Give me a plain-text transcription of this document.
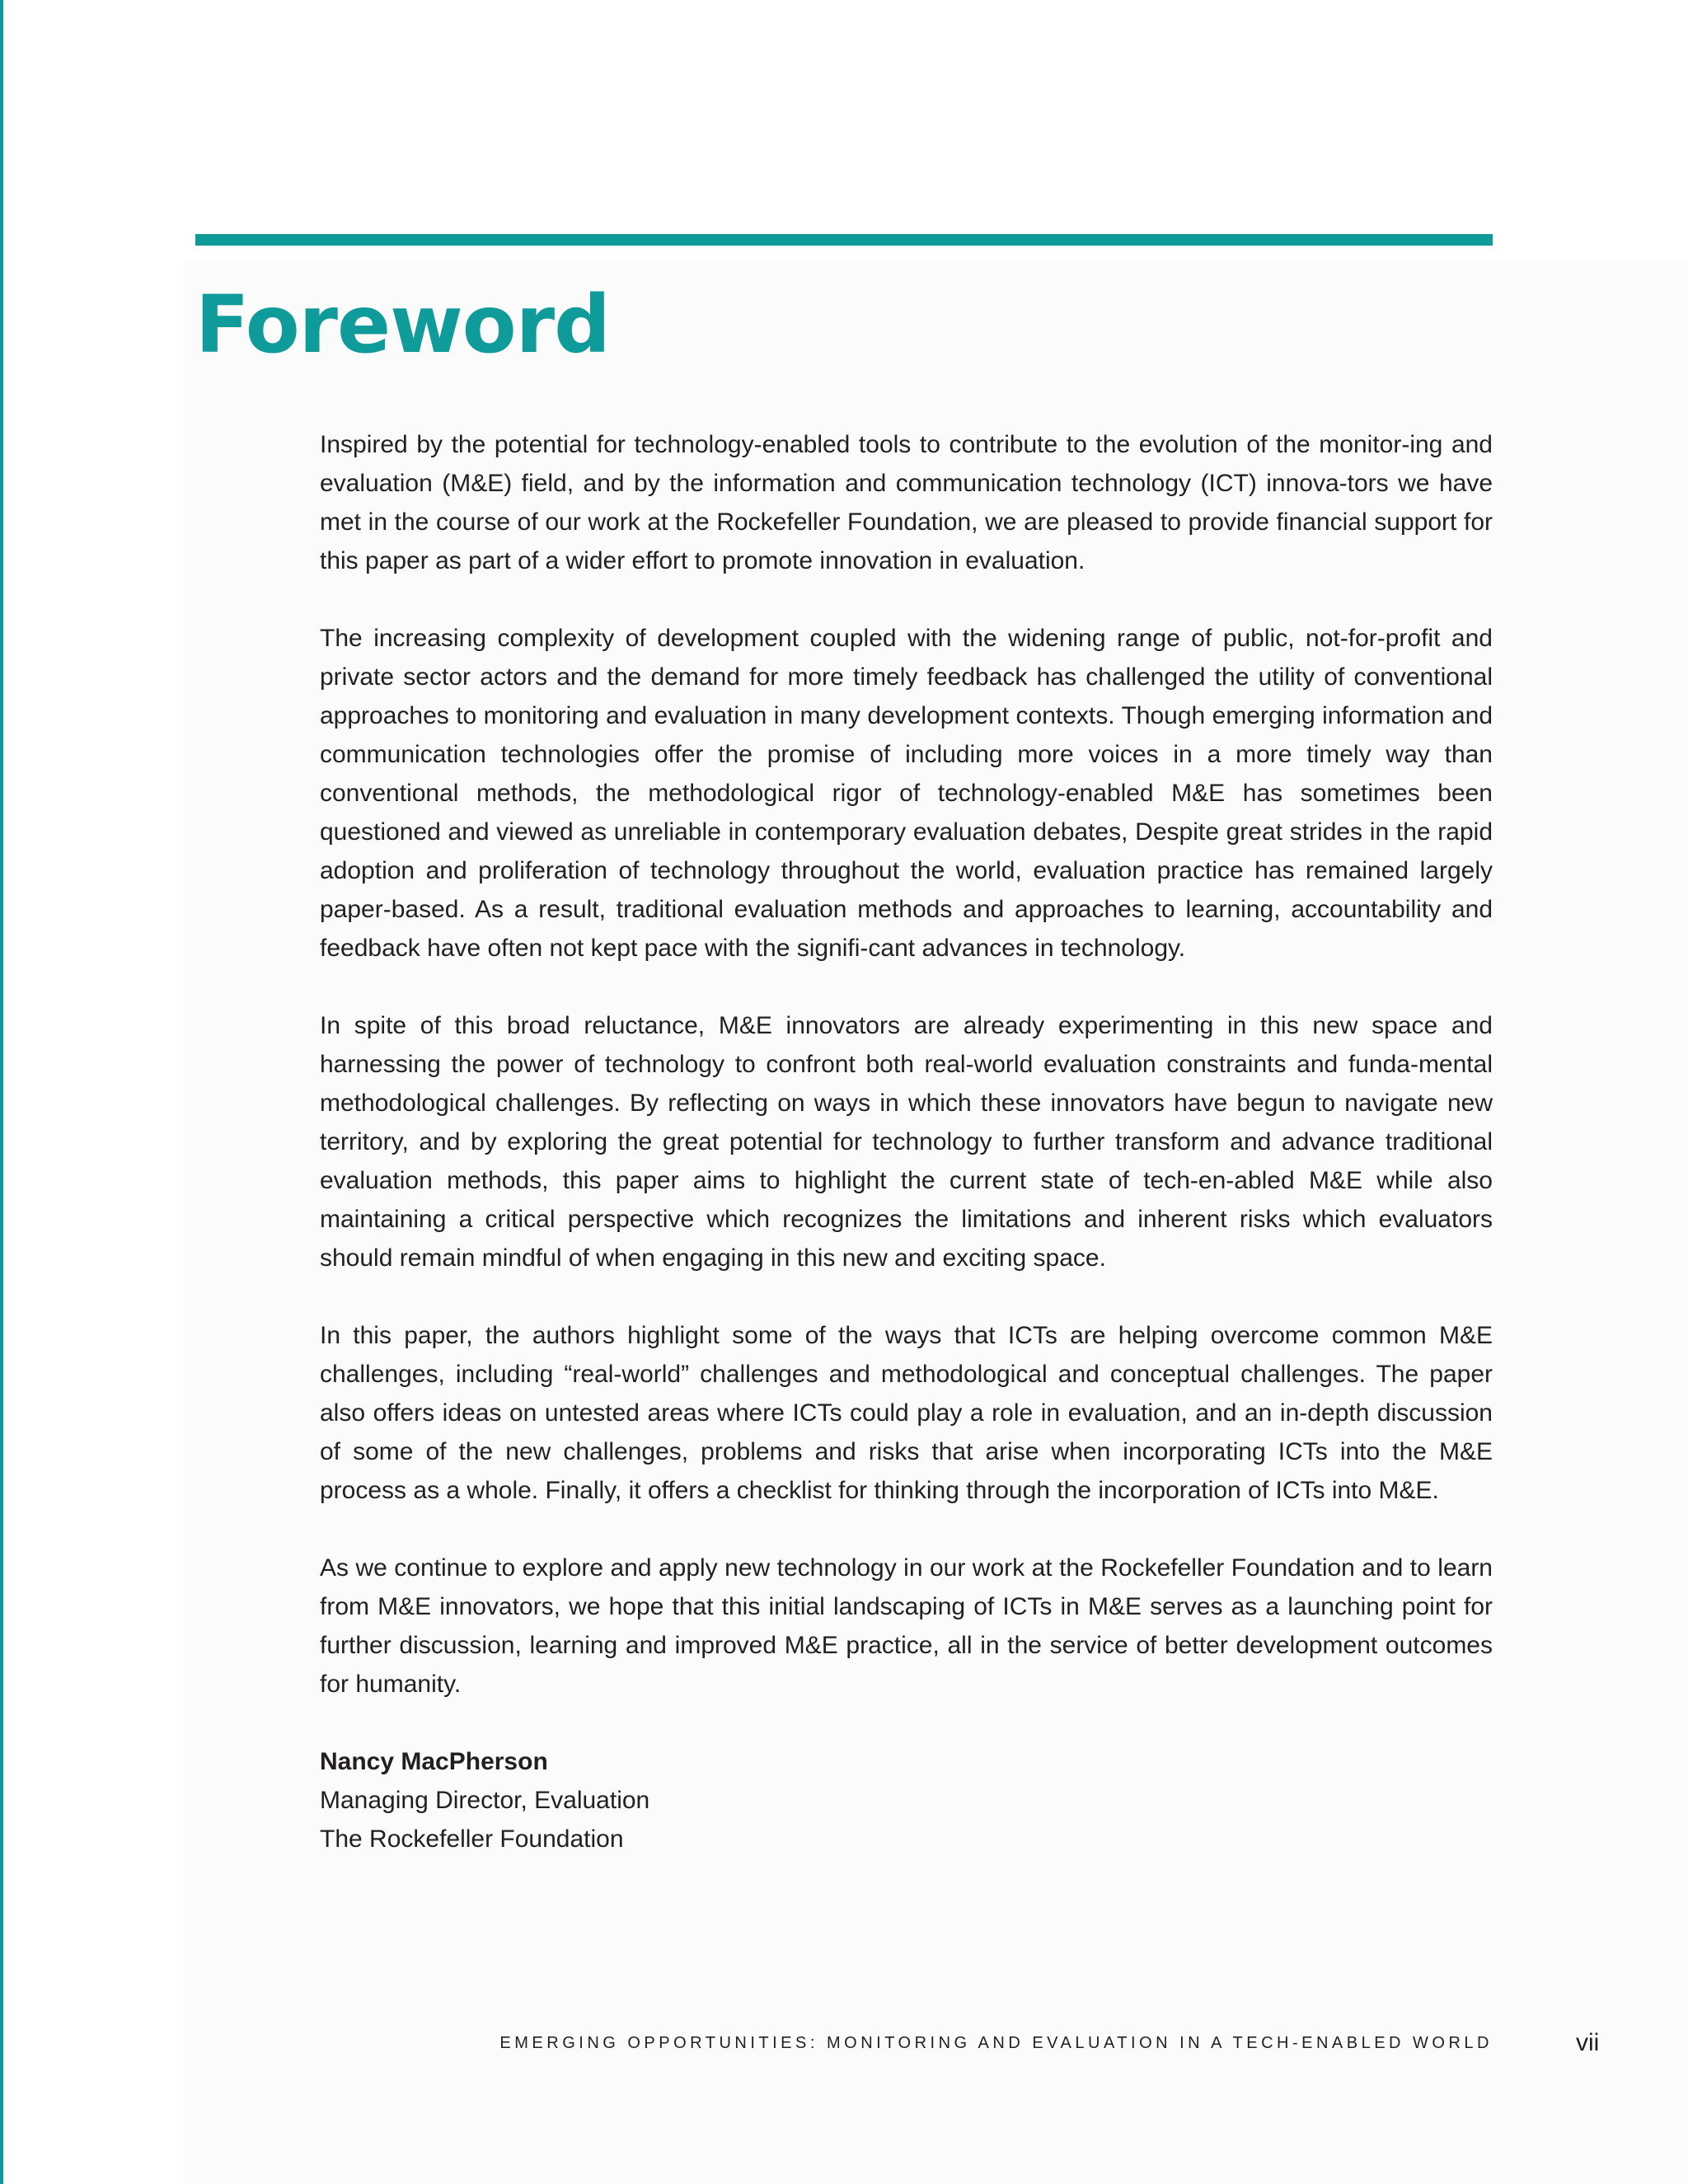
Foreword

Inspired by the potential for technology-enabled tools to contribute to the evolution of the monitor-ing and evaluation (M&E) field, and by the information and communication technology (ICT) innova-tors we have met in the course of our work at the Rockefeller Foundation, we are pleased to provide financial support for this paper as part of a wider effort to promote innovation in evaluation.

The increasing complexity of development coupled with the widening range of public, not-for-profit and private sector actors and the demand for more timely feedback has challenged the utility of conventional approaches to monitoring and evaluation in many development contexts. Though emerging information and communication technologies offer the promise of including more voices in a more timely way than conventional methods, the methodological rigor of technology-enabled M&E has sometimes been questioned and viewed as unreliable in contemporary evaluation debates, Despite great strides in the rapid adoption and proliferation of technology throughout the world, evaluation practice has remained largely paper-based. As a result, traditional evaluation methods and approaches to learning, accountability and feedback have often not kept pace with the signifi-cant advances in technology.

In spite of this broad reluctance, M&E innovators are already experimenting in this new space and harnessing the power of technology to confront both real-world evaluation constraints and funda-mental methodological challenges. By reflecting on ways in which these innovators have begun to navigate new territory, and by exploring the great potential for technology to further transform and advance traditional evaluation methods, this paper aims to highlight the current state of tech-en-abled M&E while also maintaining a critical perspective which recognizes the limitations and inherent risks which evaluators should remain mindful of when engaging in this new and exciting space.

In this paper, the authors highlight some of the ways that ICTs are helping overcome common M&E challenges, including “real-world” challenges and methodological and conceptual challenges. The paper also offers ideas on untested areas where ICTs could play a role in evaluation, and an in-depth discussion of some of the new challenges, problems and risks that arise when incorporating ICTs into the M&E process as a whole. Finally, it offers a checklist for thinking through the incorporation of ICTs into M&E.

As we continue to explore and apply new technology in our work at the Rockefeller Foundation and to learn from M&E innovators, we hope that this initial landscaping of ICTs in M&E serves as a launching point for further discussion, learning and improved M&E practice, all in the service of better development outcomes for humanity.

Nancy MacPherson
Managing Director, Evaluation
The Rockefeller Foundation
EMERGING OPPORTUNITIES: MONITORING AND EVALUATION IN A TECH-ENABLED WORLD	vii
